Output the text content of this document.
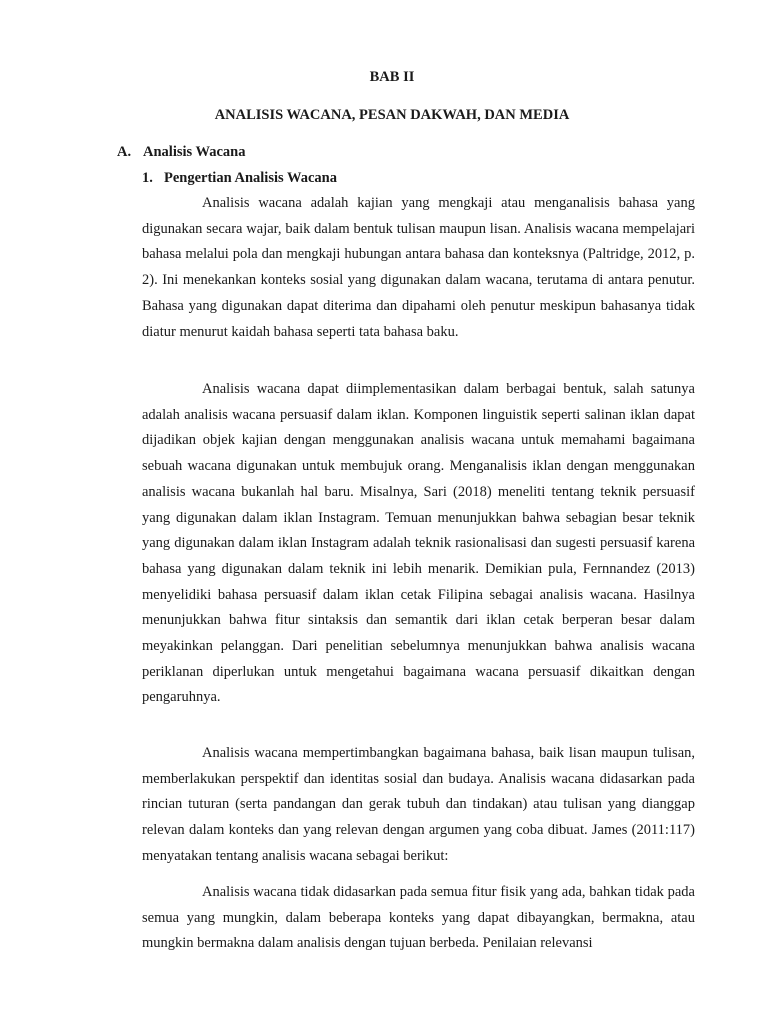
BAB II
ANALISIS WACANA, PESAN DAKWAH, DAN MEDIA
A. Analisis Wacana
1. Pengertian Analisis Wacana

Analisis wacana adalah kajian yang mengkaji atau menganalisis bahasa yang digunakan secara wajar, baik dalam bentuk tulisan maupun lisan. Analisis wacana mempelajari bahasa melalui pola dan mengkaji hubungan antara bahasa dan konteksnya (Paltridge, 2012, p. 2). Ini menekankan konteks sosial yang digunakan dalam wacana, terutama di antara penutur. Bahasa yang digunakan dapat diterima dan dipahami oleh penutur meskipun bahasanya tidak diatur menurut kaidah bahasa seperti tata bahasa baku.

Analisis wacana dapat diimplementasikan dalam berbagai bentuk, salah satunya adalah analisis wacana persuasif dalam iklan. Komponen linguistik seperti salinan iklan dapat dijadikan objek kajian dengan menggunakan analisis wacana untuk memahami bagaimana sebuah wacana digunakan untuk membujuk orang. Menganalisis iklan dengan menggunakan analisis wacana bukanlah hal baru. Misalnya, Sari (2018) meneliti tentang teknik persuasif yang digunakan dalam iklan Instagram. Temuan menunjukkan bahwa sebagian besar teknik yang digunakan dalam iklan Instagram adalah teknik rasionalisasi dan sugesti persuasif karena bahasa yang digunakan dalam teknik ini lebih menarik. Demikian pula, Fernnandez (2013) menyelidiki bahasa persuasif dalam iklan cetak Filipina sebagai analisis wacana. Hasilnya menunjukkan bahwa fitur sintaksis dan semantik dari iklan cetak berperan besar dalam meyakinkan pelanggan. Dari penelitian sebelumnya menunjukkan bahwa analisis wacana periklanan diperlukan untuk mengetahui bagaimana wacana persuasif dikaitkan dengan pengaruhnya.

Analisis wacana mempertimbangkan bagaimana bahasa, baik lisan maupun tulisan, memberlakukan perspektif dan identitas sosial dan budaya. Analisis wacana didasarkan pada rincian tuturan (serta pandangan dan gerak tubuh dan tindakan) atau tulisan yang dianggap relevan dalam konteks dan yang relevan dengan argumen yang coba dibuat. James (2011:117) menyatakan tentang analisis wacana sebagai berikut:

Analisis wacana tidak didasarkan pada semua fitur fisik yang ada, bahkan tidak pada semua yang mungkin, dalam beberapa konteks yang dapat dibayangkan, bermakna, atau mungkin bermakna dalam analisis dengan tujuan berbeda. Penilaian relevansi
